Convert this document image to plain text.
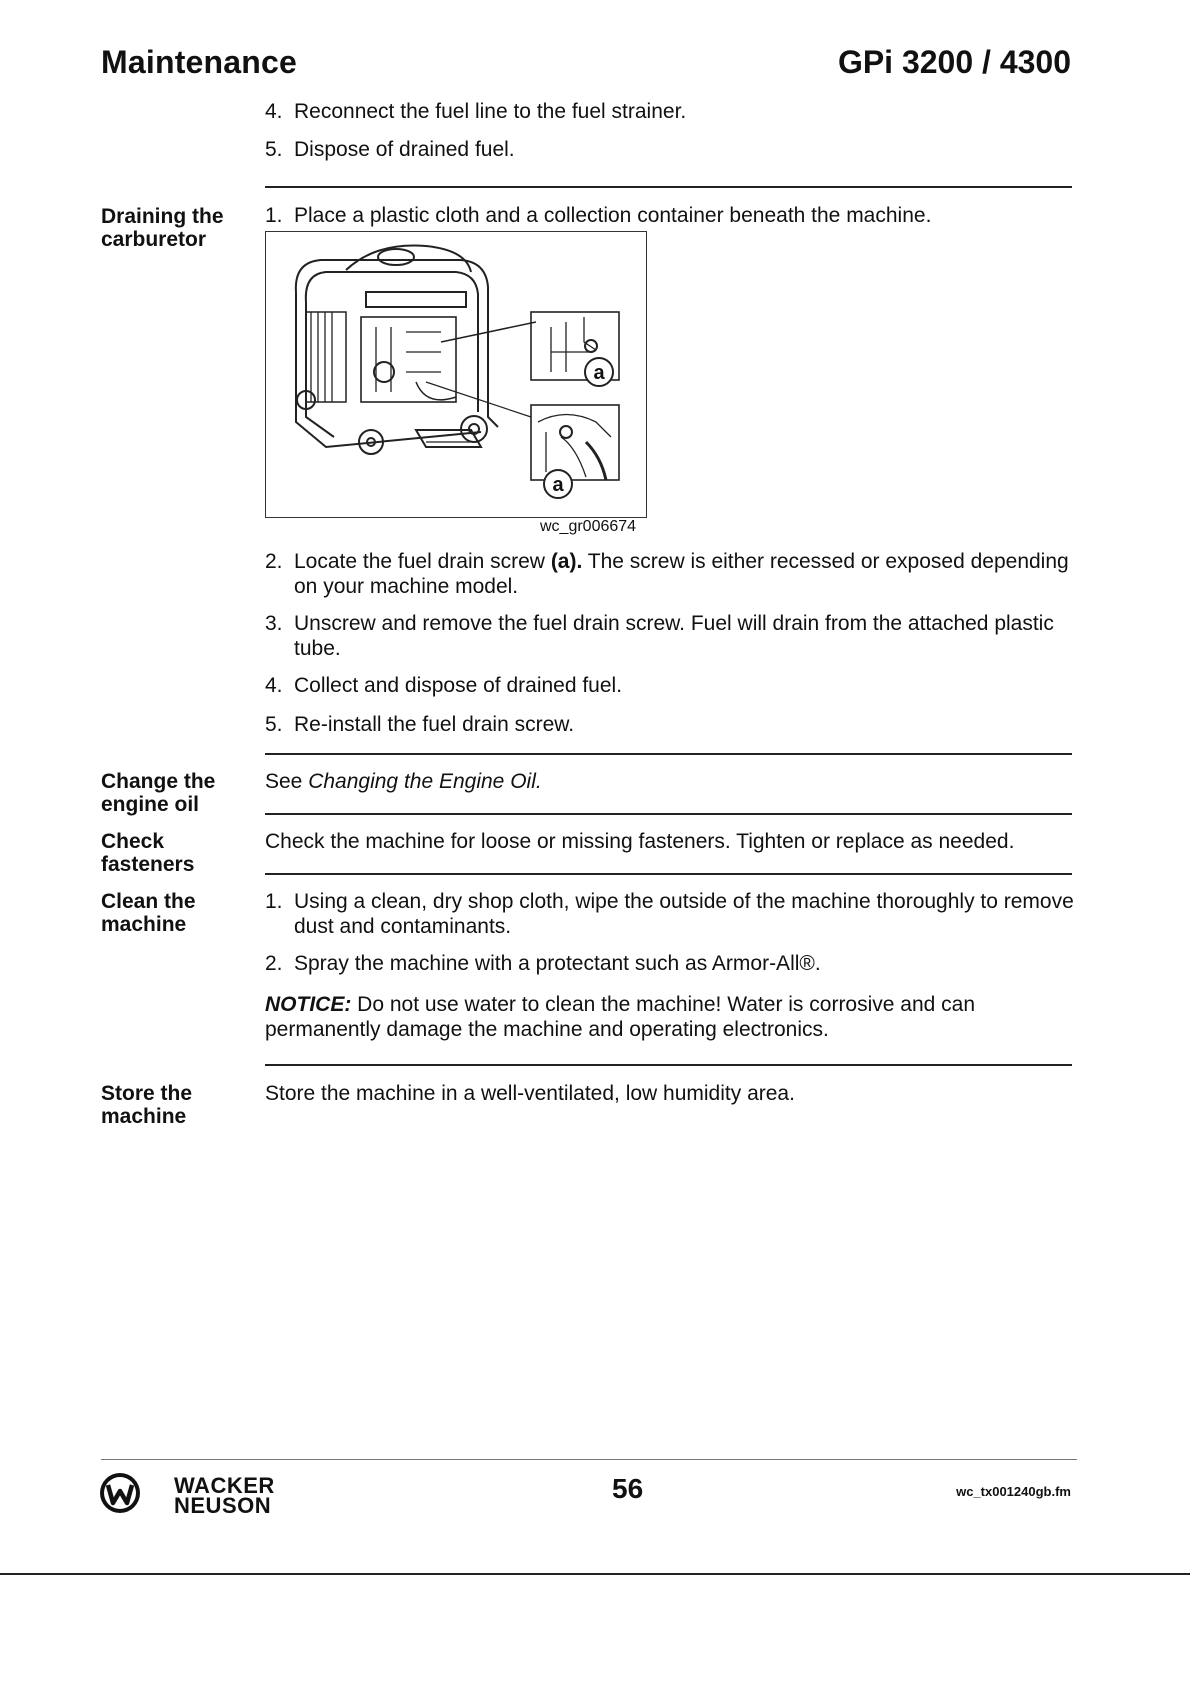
Maintenance	GPi 3200 / 4300
4. Reconnect the fuel line to the fuel strainer.
5. Dispose of drained fuel.
Draining the carburetor
1. Place a plastic cloth and a collection container beneath the machine.
a
a
wc_gr006674
2. Locate the fuel drain screw (a). The screw is either recessed or exposed depending on your machine model.
3. Unscrew and remove the fuel drain screw. Fuel will drain from the attached plastic tube.
4. Collect and dispose of drained fuel.
5. Re-install the fuel drain screw.
Change the engine oil
See Changing the Engine Oil.
Check fasteners
Check the machine for loose or missing fasteners. Tighten or replace as needed.
Clean the machine
1. Using a clean, dry shop cloth, wipe the outside of the machine thoroughly to remove dust and contaminants.
2. Spray the machine with a protectant such as Armor-All®.
NOTICE: Do not use water to clean the machine! Water is corrosive and can permanently damage the machine and operating electronics.
Store the machine
Store the machine in a well-ventilated, low humidity area.
WACKER
NEUSON
56	wc_tx001240gb.fm
